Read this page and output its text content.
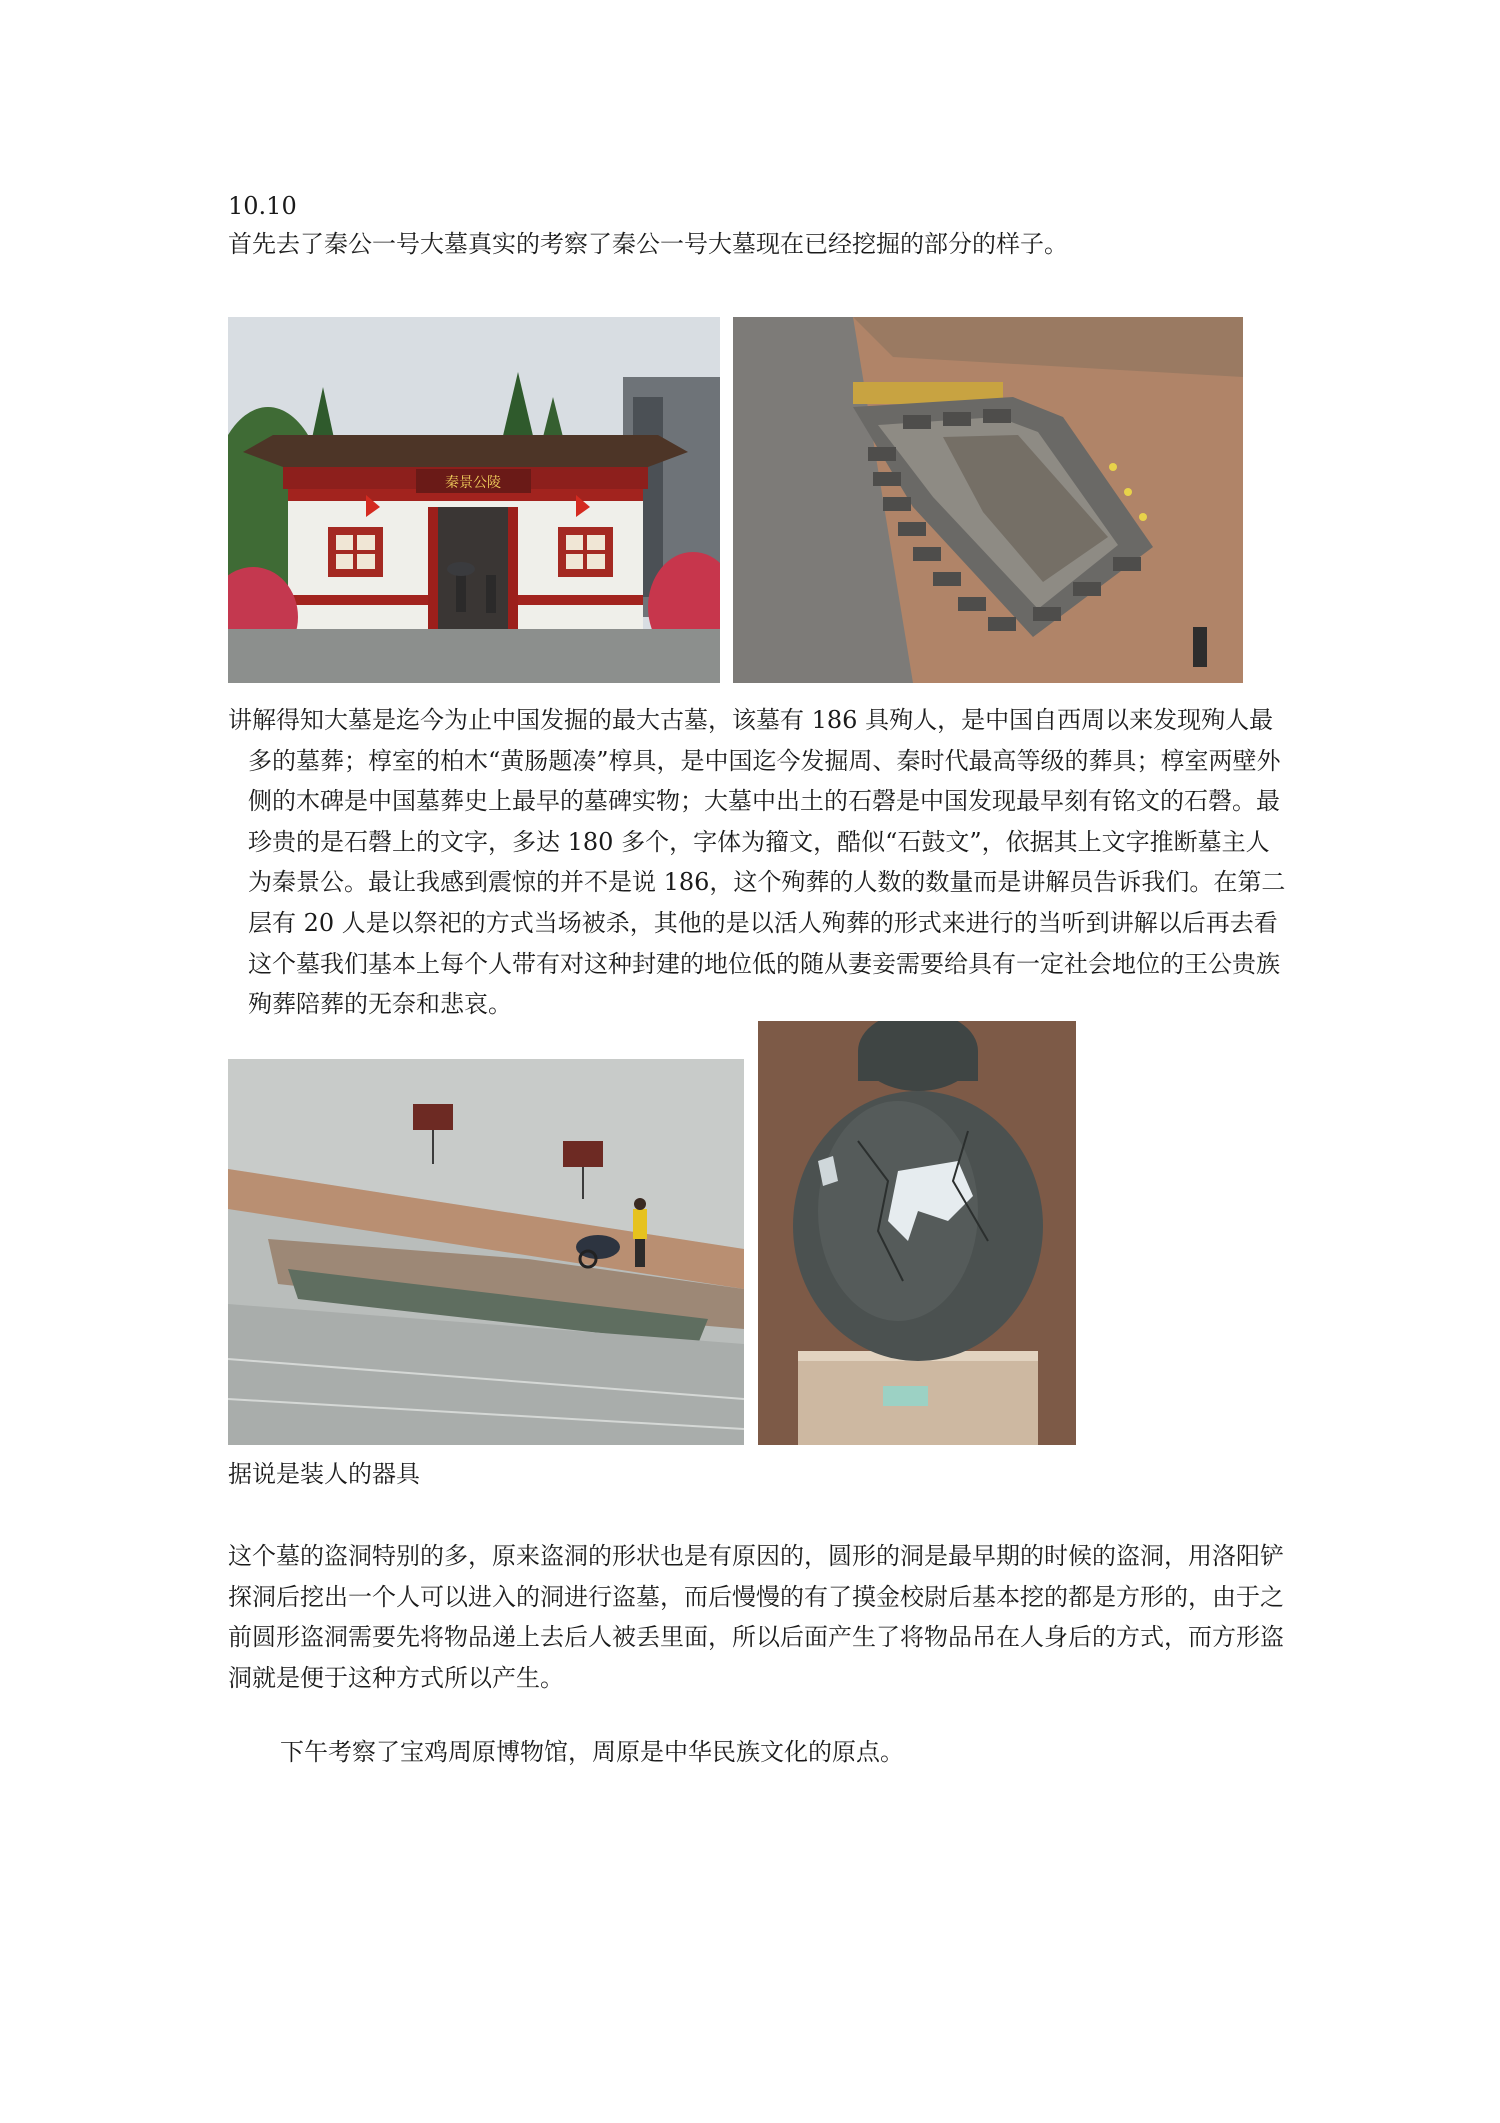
10.10

首先去了秦公一号大墓真实的考察了秦公一号大墓现在已经挖掘的部分的样子。

秦景公陵

讲解得知大墓是迄今为止中国发掘的最大古墓，该墓有 186 具殉人，是中国自西周以来发现殉人最多的墓葬；椁室的柏木“黄肠题凑”椁具，是中国迄今发掘周、秦时代最高等级的葬具；椁室两壁外侧的木碑是中国墓葬史上最早的墓碑实物；大墓中出土的石磬是中国发现最早刻有铭文的石磬。最珍贵的是石磬上的文字，多达 180 多个，字体为籀文，酷似“石鼓文”，依据其上文字推断墓主人为秦景公。最让我感到震惊的并不是说 186，这个殉葬的人数的数量而是讲解员告诉我们。在第二层有 20 人是以祭祀的方式当场被杀，其他的是以活人殉葬的形式来进行的当听到讲解以后再去看这个墓我们基本上每个人带有对这种封建的地位低的随从妻妾需要给具有一定社会地位的王公贵族殉葬陪葬的无奈和悲哀。

据说是装人的器具

这个墓的盗洞特别的多，原来盗洞的形状也是有原因的，圆形的洞是最早期的时候的盗洞，用洛阳铲探洞后挖出一个人可以进入的洞进行盗墓，而后慢慢的有了摸金校尉后基本挖的都是方形的，由于之前圆形盗洞需要先将物品递上去后人被丢里面，所以后面产生了将物品吊在人身后的方式，而方形盗洞就是便于这种方式所以产生。

下午考察了宝鸡周原博物馆，周原是中华民族文化的原点。
